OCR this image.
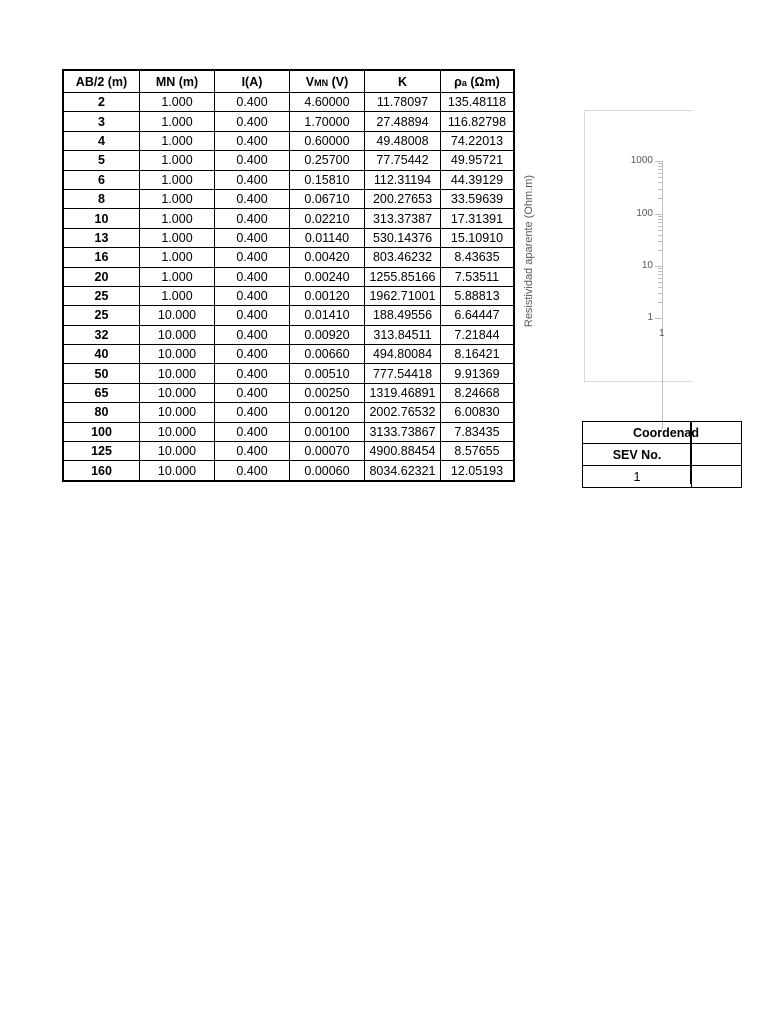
AB/2 (m)	MN (m)	I(A)	VMN (V)	K	ρa (Ωm)
2	1.000	0.400	4.60000	11.78097	135.48118
3	1.000	0.400	1.70000	27.48894	116.82798
4	1.000	0.400	0.60000	49.48008	74.22013
5	1.000	0.400	0.25700	77.75442	49.95721
6	1.000	0.400	0.15810	112.31194	44.39129
8	1.000	0.400	0.06710	200.27653	33.59639
10	1.000	0.400	0.02210	313.37387	17.31391
13	1.000	0.400	0.01140	530.14376	15.10910
16	1.000	0.400	0.00420	803.46232	8.43635
20	1.000	0.400	0.00240	1255.85166	7.53511
25	1.000	0.400	0.00120	1962.71001	5.88813
25	10.000	0.400	0.01410	188.49556	6.64447
32	10.000	0.400	0.00920	313.84511	7.21844
40	10.000	0.400	0.00660	494.80084	8.16421
50	10.000	0.400	0.00510	777.54418	9.91369
65	10.000	0.400	0.00250	1319.46891	8.24668
80	10.000	0.400	0.00120	2002.76532	6.00830
100	10.000	0.400	0.00100	3133.73867	7.83435
125	10.000	0.400	0.00070	4900.88454	8.57655
160	10.000	0.400	0.00060	8034.62321	12.05193
Resistividad aparente (Ohm.m)
1000
100
10
1
1
Coordenad	
SEV No.	
1	
